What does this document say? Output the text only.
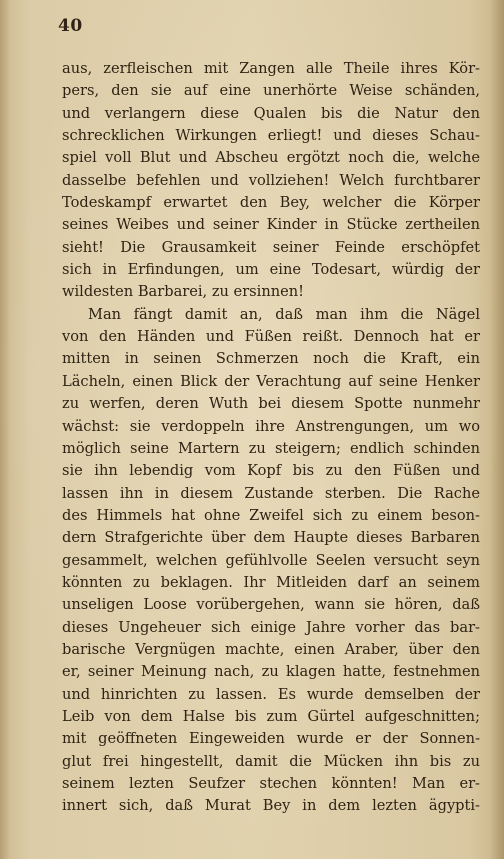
40
aus, zerfleischen mit Zangen alle Theile ihres Kör-
pers, den sie auf eine unerhörte Weise schänden,
und verlangern diese Qualen bis die Natur den
schrecklichen Wirkungen erliegt! und dieses Schau-
spiel voll Blut und Abscheu ergötzt noch die, welche
dasselbe befehlen und vollziehen! Welch furchtbarer
Todeskampf erwartet den Bey, welcher die Körper
seines Weibes und seiner Kinder in Stücke zertheilen
sieht! Die Grausamkeit seiner Feinde erschöpfet
sich in Erfindungen, um eine Todesart, würdig der
wildesten Barbarei, zu ersinnen!
Man fängt damit an, daß man ihm die Nägel
von den Händen und Füßen reißt. Dennoch hat er
mitten in seinen Schmerzen noch die Kraft, ein
Lächeln, einen Blick der Verachtung auf seine Henker
zu werfen, deren Wuth bei diesem Spotte nunmehr
wächst: sie verdoppeln ihre Anstrengungen, um wo
möglich seine Martern zu steigern; endlich schinden
sie ihn lebendig vom Kopf bis zu den Füßen und
lassen ihn in diesem Zustande sterben. Die Rache
des Himmels hat ohne Zweifel sich zu einem beson-
dern Strafgerichte über dem Haupte dieses Barbaren
gesammelt, welchen gefühlvolle Seelen versucht seyn
könnten zu beklagen. Ihr Mitleiden darf an seinem
unseligen Loose vorübergehen, wann sie hören, daß
dieses Ungeheuer sich einige Jahre vorher das bar-
barische Vergnügen machte, einen Araber, über den
er, seiner Meinung nach, zu klagen hatte, festnehmen
und hinrichten zu lassen. Es wurde demselben der
Leib von dem Halse bis zum Gürtel aufgeschnitten;
mit geöffneten Eingeweiden wurde er der Sonnen-
glut frei hingestellt, damit die Mücken ihn bis zu
seinem lezten Seufzer stechen könnten! Man er-
innert sich, daß Murat Bey in dem lezten ägypti-
